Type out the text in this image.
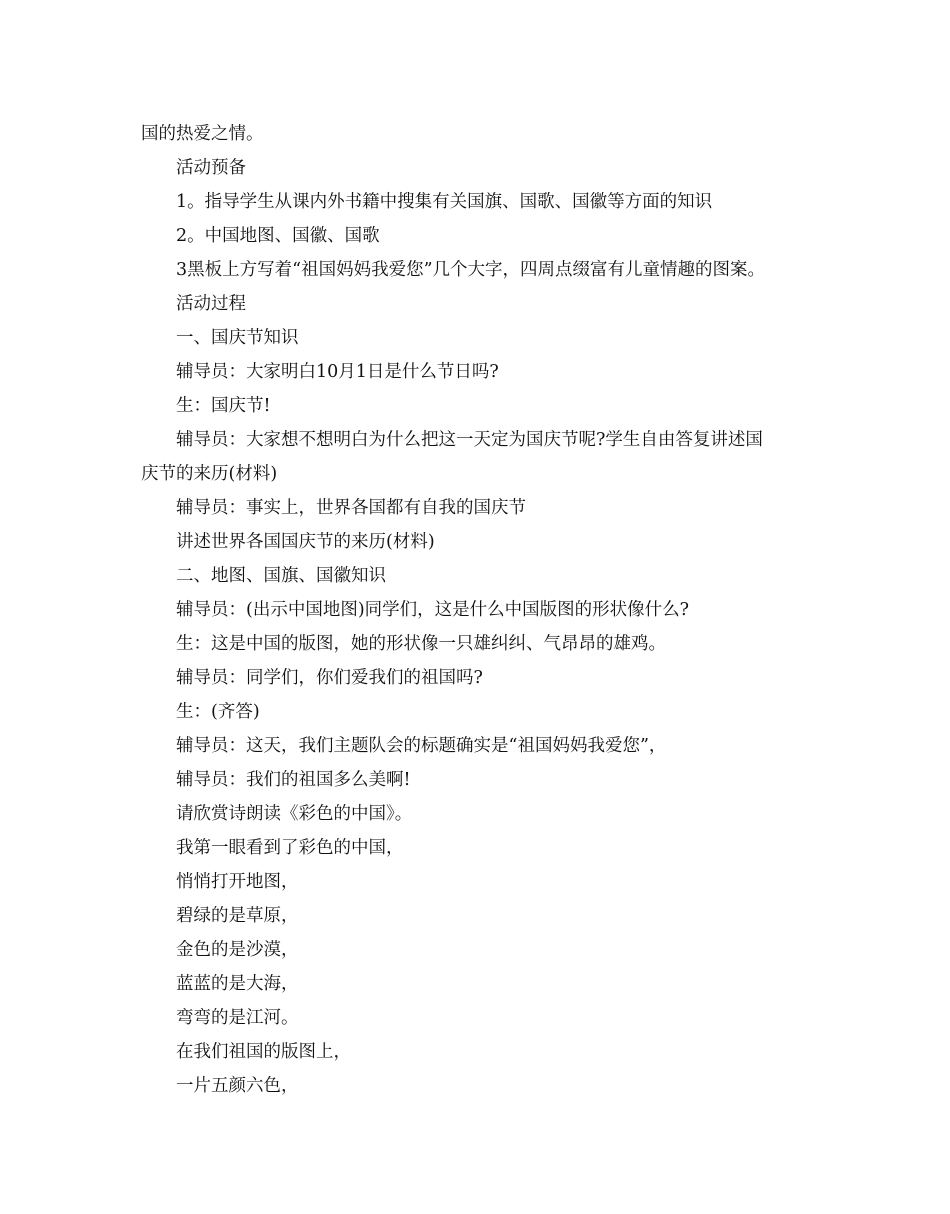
国的热爱之情。
活动预备
1。指导学生从课内外书籍中搜集有关国旗、国歌、国徽等方面的知识
2。中国地图、国徽、国歌
3黑板上方写着“祖国妈妈我爱您”几个大字，四周点缀富有儿童情趣的图案。
活动过程
一、国庆节知识
辅导员：大家明白10月1日是什么节日吗?
生：国庆节!
辅导员：大家想不想明白为什么把这一天定为国庆节呢?学生自由答复讲述国
庆节的来历(材料)
辅导员：事实上，世界各国都有自我的国庆节
讲述世界各国国庆节的来历(材料)
二、地图、国旗、国徽知识
辅导员：(出示中国地图)同学们，这是什么中国版图的形状像什么?
生：这是中国的版图，她的形状像一只雄纠纠、气昂昂的雄鸡。
辅导员：同学们，你们爱我们的祖国吗?
生：(齐答)
辅导员：这天，我们主题队会的标题确实是“祖国妈妈我爱您”，
辅导员：我们的祖国多么美啊!
请欣赏诗朗读《彩色的中国》。
我第一眼看到了彩色的中国，
悄悄打开地图，
碧绿的是草原，
金色的是沙漠，
蓝蓝的是大海，
弯弯的是江河。
在我们祖国的版图上，
一片五颜六色，
